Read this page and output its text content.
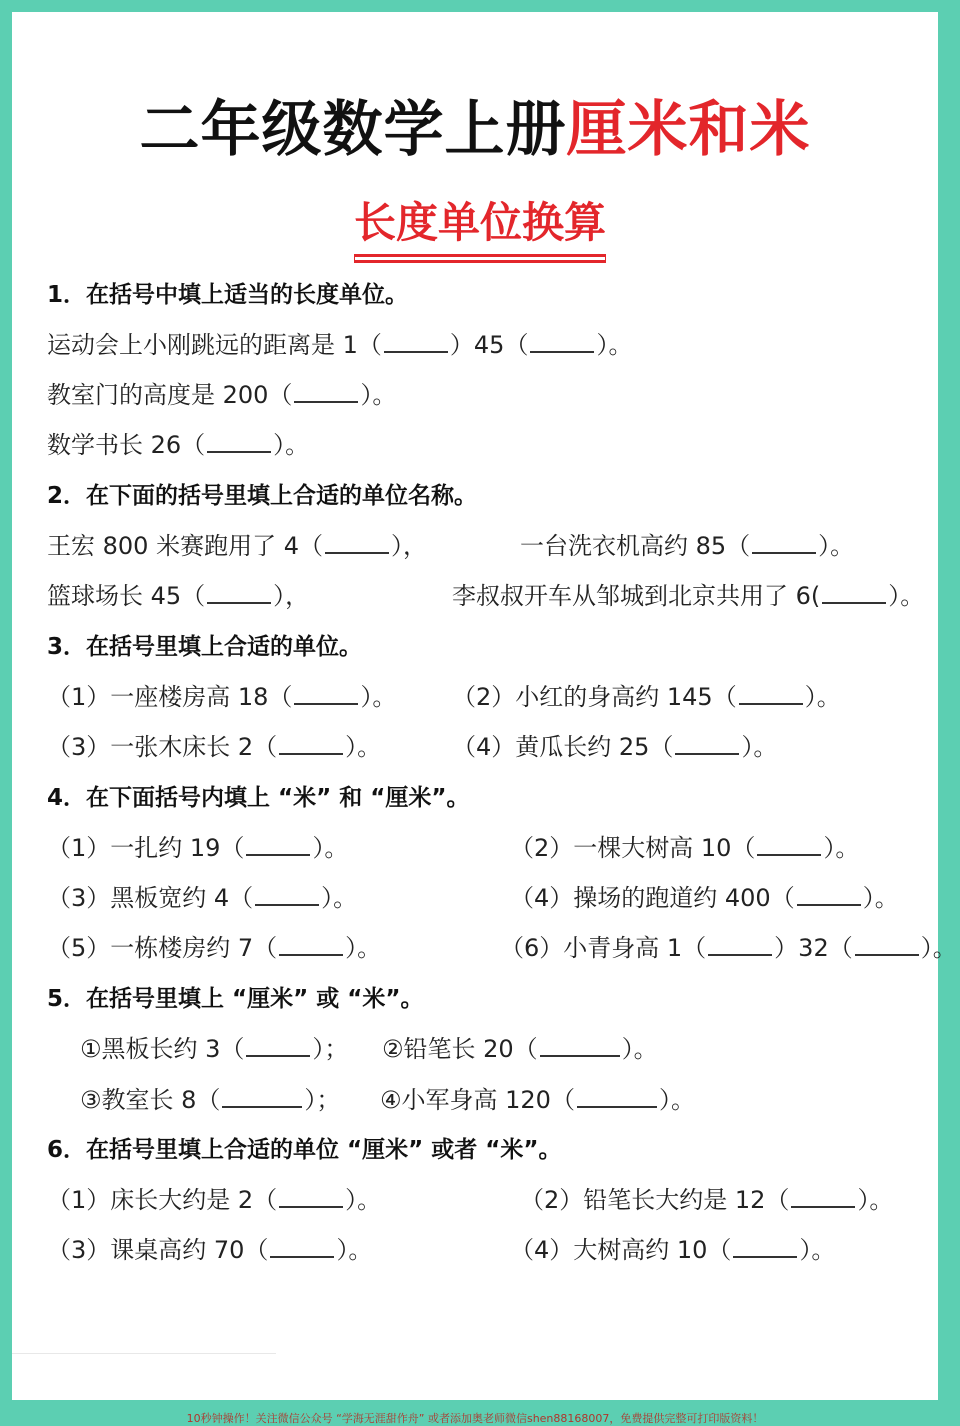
二年级数学上册厘米和米
长度单位换算
1．在括号中填上适当的长度单位。
运动会上小刚跳远的距离是 1（	）45（	）。
教室门的高度是 200（	）。
数学书长 26（	）。
2．在下面的括号里填上合适的单位名称。
王宏 800 米赛跑用了 4（	），	一台洗衣机高约 85（	）。
篮球场长 45（	），	李叔叔开车从邹城到北京共用了 6(	）。
3．在括号里填上合适的单位。
（1）一座楼房高 18（	）。 （2）小红的身高约 145（	）。
（3）一张木床长 2（	）。	（4）黄瓜长约 25（	）。
4．在下面括号内填上 “米” 和 “厘米”。
（1）一扎约 19（	）。	（2）一棵大树高 10（	）。
（3）黑板宽约 4（	）。	（4）操场的跑道约 400（	）。
（5）一栋楼房约 7（	）。	（6）小青身高 1（	）32（	）。
5．在括号里填上 “厘米” 或 “米”。
①黑板长约 3（	）； ②铅笔长 20（	）。
③教室长 8（	）； ④小军身高 120（	）。
6．在括号里填上合适的单位 “厘米” 或者 “米”。
（1）床长大约是 2（	）。	（2）铅笔长大约是 12（	）。
（3）课桌高约 70（	）。	（4）大树高约 10（	）。
10秒钟操作！关注微信公众号 “学海无涯甜作舟” 或者添加奥老师微信shen88168007，免费提供完整可打印版资料！
